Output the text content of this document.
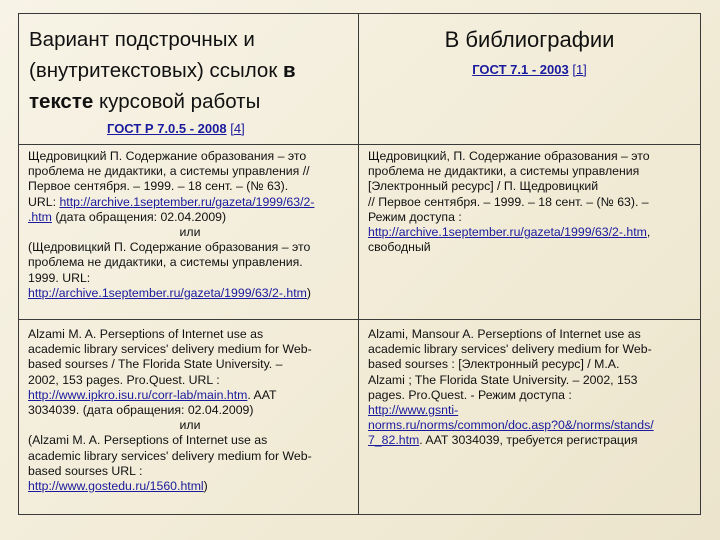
Вариант подстрочных и
(внутритекстовых) ссылок в
тексте курсовой работы
ГОСТ Р 7.0.5 - 2008 [4]
В библиографии
ГОСТ 7.1 - 2003 [1]

Щедровицкий П. Содержание образования – это
проблема не дидактики, а системы управления //
Первое сентября. – 1999. – 18 сент. – (№ 63).
URL: http://archive.1september.ru/gazeta/1999/63/2-
.htm (дата обращения: 02.04.2009)

или
(Щедровицкий П. Содержание образования – это
проблема не дидактики, а системы управления.
1999. URL:
http://archive.1september.ru/gazeta/1999/63/2-.htm)

Щедровицкий, П. Содержание образования – это
проблема не дидактики, а системы управления
[Электронный ресурс] / П. Щедровицкий
// Первое сентября. – 1999. – 18 сент. – (№ 63). –
Режим доступа :
http://archive.1september.ru/gazeta/1999/63/2-.htm,
свободный

Alzami M. A. Perseptions of Internet use as
academic library services' delivery medium for Web-
based sourses / The Florida State University. –
2002, 153 pages. Pro.Quest. URL :
http://www.ipkro.isu.ru/corr-lab/main.htm. AAT
3034039. (дата обращения: 02.04.2009)

или
(Alzami M. A. Perseptions of Internet use as
academic library services' delivery medium for Web-
based sourses URL :
http://www.gostedu.ru/1560.html)

Alzami, Mansour A. Perseptions of Internet use as
academic library services' delivery medium for Web-
based sourses : [Электронный ресурс] / M.A.
Alzami ; The Florida State University. – 2002, 153
pages. Pro.Quest. - Режим доступа :
http://www.gsnti-
norms.ru/norms/common/doc.asp?0&/norms/stands/
7_82.htm. AAT 3034039, требуется регистрация
